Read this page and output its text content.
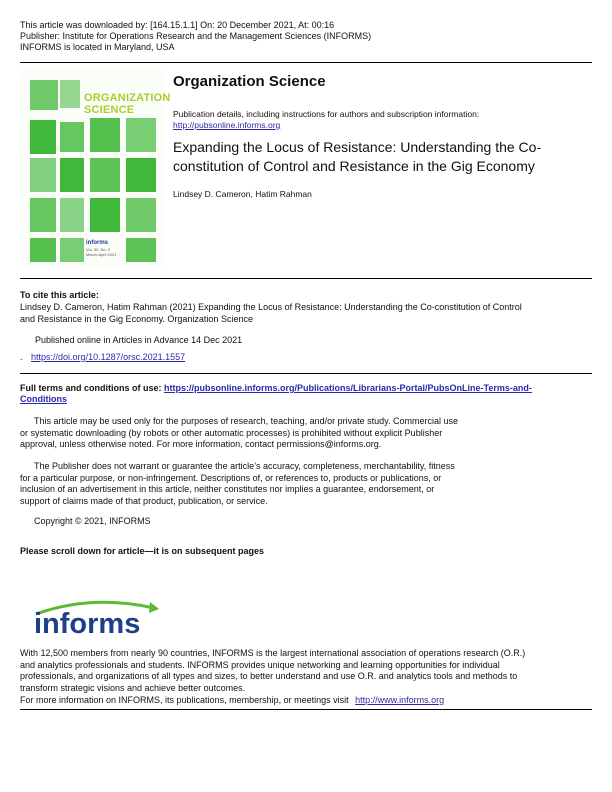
This article was downloaded by: [164.15.1.1] On: 20 December 2021, At: 00:16
Publisher: Institute for Operations Research and the Management Sciences (INFORMS)
INFORMS is located in Maryland, USA
ORGANIZATION
SCIENCE
informs
Vol. 32, No. 2
March-April 2021
Organization Science
Publication details, including instructions for authors and subscription information:
http://pubsonline.informs.org
Expanding the Locus of Resistance: Understanding the Co-
constitution of Control and Resistance in the Gig Economy
Lindsey D. Cameron, Hatim Rahman
To cite this article:
Lindsey D. Cameron, Hatim Rahman (2021) Expanding the Locus of Resistance: Understanding the Co-constitution of Control
and Resistance in the Gig Economy. Organization Science
Published online in Articles in Advance 14 Dec 2021
. https://doi.org/10.1287/orsc.2021.1557
Full terms and conditions of use: https://pubsonline.informs.org/Publications/Librarians-Portal/PubsOnLine-Terms-and-
Conditions
This article may be used only for the purposes of research, teaching, and/or private study. Commercial use
or systematic downloading (by robots or other automatic processes) is prohibited without explicit Publisher
approval, unless otherwise noted. For more information, contact permissions@informs.org.
The Publisher does not warrant or guarantee the article’s accuracy, completeness, merchantability, fitness
for a particular purpose, or non-infringement. Descriptions of, or references to, products or publications, or
inclusion of an advertisement in this article, neither constitutes nor implies a guarantee, endorsement, or
support of claims made of that product, publication, or service.
Copyright © 2021, INFORMS
Please scroll down for article—it is on subsequent pages
informs
With 12,500 members from nearly 90 countries, INFORMS is the largest international association of operations research (O.R.)
and analytics professionals and students. INFORMS provides unique networking and learning opportunities for individual
professionals, and organizations of all types and sizes, to better understand and use O.R. and analytics tools and methods to
transform strategic visions and achieve better outcomes.
For more information on INFORMS, its publications, membership, or meetings visit http://www.informs.org
